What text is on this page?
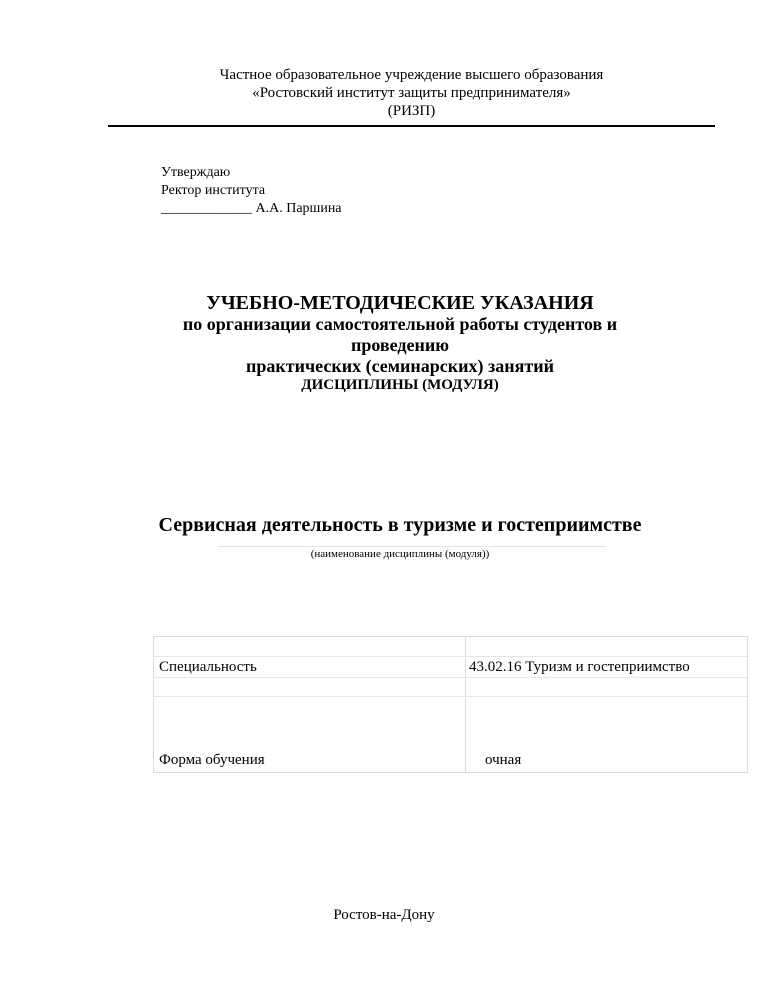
Частное образовательное учреждение высшего образования
«Ростовский институт защиты предпринимателя»
(РИЗП)
Утверждаю
Ректор института
_____________ А.А. Паршина
УЧЕБНО-МЕТОДИЧЕСКИЕ УКАЗАНИЯ
по организации самостоятельной работы студентов и
проведению
практических (семинарских) занятий
ДИСЦИПЛИНЫ (МОДУЛЯ)
Сервисная деятельность в туризме и гостеприимстве
(наименование дисциплины (модуля))
Специальность	43.02.16 Туризм и гостеприимство
Форма обучения	очная
Ростов-на-Дону
